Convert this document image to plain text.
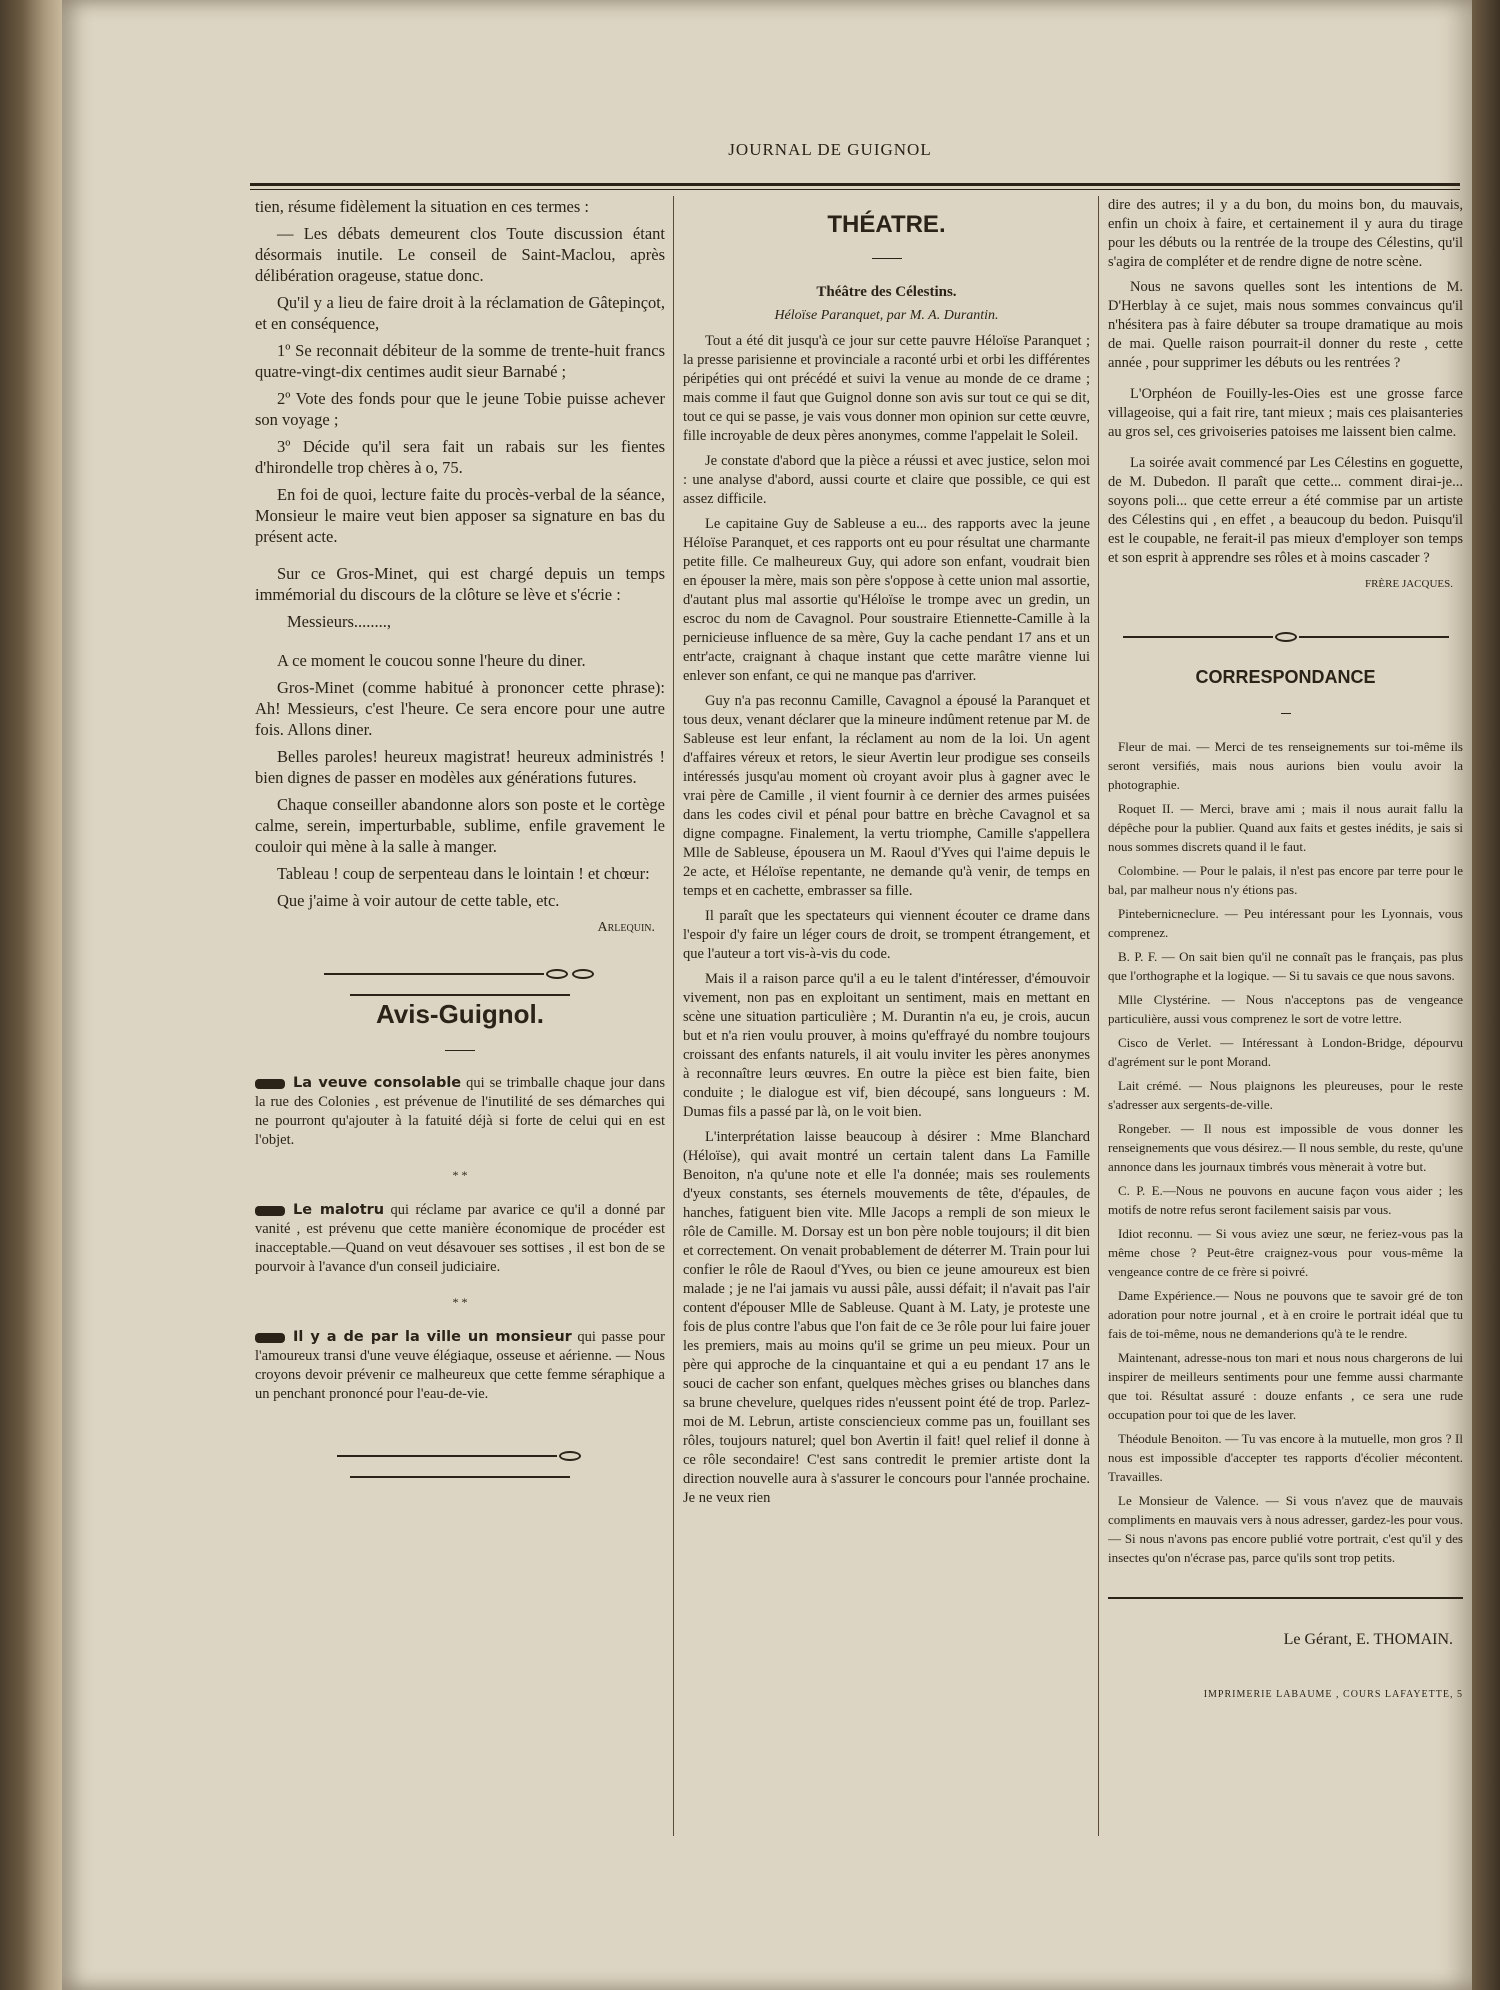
JOURNAL DE GUIGNOL

tien, résume fidèlement la situation en ces termes :

— Les débats demeurent clos Toute discussion étant désormais inutile. Le conseil de Saint-Maclou, après délibération orageuse, statue donc.

Qu'il y a lieu de faire droit à la réclamation de Gâtepinçot, et en conséquence,

1º Se reconnait débiteur de la somme de trente-huit francs quatre-vingt-dix centimes audit sieur Barnabé ;

2º Vote des fonds pour que le jeune Tobie puisse achever son voyage ;

3º Décide qu'il sera fait un rabais sur les fientes d'hirondelle trop chères à o, 75.

En foi de quoi, lecture faite du procès-verbal de la séance, Monsieur le maire veut bien apposer sa signature en bas du présent acte.

Sur ce Gros-Minet, qui est chargé depuis un temps immémorial du discours de la clôture se lève et s'écrie :

Messieurs........,

A ce moment le coucou sonne l'heure du diner.

Gros-Minet (comme habitué à prononcer cette phrase): Ah! Messieurs, c'est l'heure. Ce sera encore pour une autre fois. Allons diner.

Belles paroles! heureux magistrat! heureux administrés ! bien dignes de passer en modèles aux générations futures.

Chaque conseiller abandonne alors son poste et le cortège calme, serein, imperturbable, sublime, enfile gravement le couloir qui mène à la salle à manger.

Tableau ! coup de serpenteau dans le lointain ! et chœur:

Que j'aime à voir autour de cette table, etc.

Arlequin.
Avis-Guignol.

La veuve consolable qui se trimballe chaque jour dans la rue des Colonies , est prévenue de l'inutilité de ses démarches qui ne pourront qu'ajouter à la fatuité déjà si forte de celui qui en est l'objet.

* *

Le malotru qui réclame par avarice ce qu'il a donné par vanité , est prévenu que cette manière économique de procéder est inacceptable.—Quand on veut désavouer ses sottises , il est bon de se pourvoir à l'avance d'un conseil judiciaire.

* *

Il y a de par la ville un monsieur qui passe pour l'amoureux transi d'une veuve élégiaque, osseuse et aérienne. — Nous croyons devoir prévenir ce malheureux que cette femme séraphique a un penchant prononcé pour l'eau-de-vie.

THÉATRE.
Théâtre des Célestins.
Héloïse Paranquet, par M. A. Durantin.

Tout a été dit jusqu'à ce jour sur cette pauvre Héloïse Paranquet ; la presse parisienne et provinciale a raconté urbi et orbi les différentes péripéties qui ont précédé et suivi la venue au monde de ce drame ; mais comme il faut que Guignol donne son avis sur tout ce qui se dit, tout ce qui se passe, je vais vous donner mon opinion sur cette œuvre, fille incroyable de deux pères anonymes, comme l'appelait le Soleil.

Je constate d'abord que la pièce a réussi et avec justice, selon moi : une analyse d'abord, aussi courte et claire que possible, ce qui est assez difficile.

Le capitaine Guy de Sableuse a eu... des rapports avec la jeune Héloïse Paranquet, et ces rapports ont eu pour résultat une charmante petite fille. Ce malheureux Guy, qui adore son enfant, voudrait bien en épouser la mère, mais son père s'oppose à cette union mal assortie, d'autant plus mal assortie qu'Héloïse le trompe avec un gredin, un escroc du nom de Cavagnol. Pour soustraire Etiennette-Camille à la pernicieuse influence de sa mère, Guy la cache pendant 17 ans et un entr'acte, craignant à chaque instant que cette marâtre vienne lui enlever son enfant, ce qui ne manque pas d'arriver.

Guy n'a pas reconnu Camille, Cavagnol a épousé la Paranquet et tous deux, venant déclarer que la mineure indûment retenue par M. de Sableuse est leur enfant, la réclament au nom de la loi. Un agent d'affaires véreux et retors, le sieur Avertin leur prodigue ses conseils intéressés jusqu'au moment où croyant avoir plus à gagner avec le vrai père de Camille , il vient fournir à ce dernier des armes puisées dans les codes civil et pénal pour battre en brèche Cavagnol et sa digne compagne. Finalement, la vertu triomphe, Camille s'appellera Mlle de Sableuse, épousera un M. Raoul d'Yves qui l'aime depuis le 2e acte, et Héloïse repentante, ne demande qu'à venir, de temps en temps et en cachette, embrasser sa fille.

Il paraît que les spectateurs qui viennent écouter ce drame dans l'espoir d'y faire un léger cours de droit, se trompent étrangement, et que l'auteur a tort vis-à-vis du code.

Mais il a raison parce qu'il a eu le talent d'intéresser, d'émouvoir vivement, non pas en exploitant un sentiment, mais en mettant en scène une situation particulière ; M. Durantin n'a eu, je crois, aucun but et n'a rien voulu prouver, à moins qu'effrayé du nombre toujours croissant des enfants naturels, il ait voulu inviter les pères anonymes à reconnaître leurs œuvres. En outre la pièce est bien faite, bien conduite ; le dialogue est vif, bien découpé, sans longueurs : M. Dumas fils a passé par là, on le voit bien.

L'interprétation laisse beaucoup à désirer : Mme Blanchard (Héloïse), qui avait montré un certain talent dans La Famille Benoiton, n'a qu'une note et elle l'a donnée; mais ses roulements d'yeux constants, ses éternels mouvements de tête, d'épaules, de hanches, fatiguent bien vite. Mlle Jacops a rempli de son mieux le rôle de Camille. M. Dorsay est un bon père noble toujours; il dit bien et correctement. On venait probablement de déterrer M. Train pour lui confier le rôle de Raoul d'Yves, ou bien ce jeune amoureux est bien malade ; je ne l'ai jamais vu aussi pâle, aussi défait; il n'avait pas l'air content d'épouser Mlle de Sableuse. Quant à M. Laty, je proteste une fois de plus contre l'abus que l'on fait de ce 3e rôle pour lui faire jouer les premiers, mais au moins qu'il se grime un peu mieux. Pour un père qui approche de la cinquantaine et qui a eu pendant 17 ans le souci de cacher son enfant, quelques mèches grises ou blanches dans sa brune chevelure, quelques rides n'eussent point été de trop. Parlez-moi de M. Lebrun, artiste consciencieux comme pas un, fouillant ses rôles, toujours naturel; quel bon Avertin il fait! quel relief il donne à ce rôle secondaire! C'est sans contredit le premier artiste dont la direction nouvelle aura à s'assurer le concours pour l'année prochaine. Je ne veux rien

dire des autres; il y a du bon, du moins bon, du mauvais, enfin un choix à faire, et certainement il y aura du tirage pour les débuts ou la rentrée de la troupe des Célestins, qu'il s'agira de compléter et de rendre digne de notre scène.

Nous ne savons quelles sont les intentions de M. D'Herblay à ce sujet, mais nous sommes convaincus qu'il n'hésitera pas à faire débuter sa troupe dramatique au mois de mai. Quelle raison pourrait-il donner du reste , cette année , pour supprimer les débuts ou les rentrées ?

L'Orphéon de Fouilly-les-Oies est une grosse farce villageoise, qui a fait rire, tant mieux ; mais ces plaisanteries au gros sel, ces grivoiseries patoises me laissent bien calme.

La soirée avait commencé par Les Célestins en goguette, de M. Dubedon. Il paraît que cette... comment dirai-je... soyons poli... que cette erreur a été commise par un artiste des Célestins qui , en effet , a beaucoup du bedon. Puisqu'il est le coupable, ne ferait-il pas mieux d'employer son temps et son esprit à apprendre ses rôles et à moins cascader ?

FRÈRE JACQUES.
CORRESPONDANCE

Fleur de mai. — Merci de tes renseignements sur toi-même ils seront versifiés, mais nous aurions bien voulu avoir la photographie.

Roquet II. — Merci, brave ami ; mais il nous aurait fallu la dépêche pour la publier. Quand aux faits et gestes inédits, je sais si nous sommes discrets quand il le faut.

Colombine. — Pour le palais, il n'est pas encore par terre pour le bal, par malheur nous n'y étions pas.

Pintebernicneclure. — Peu intéressant pour les Lyonnais, vous comprenez.

B. P. F. — On sait bien qu'il ne connaît pas le français, pas plus que l'orthographe et la logique. — Si tu savais ce que nous savons.

Mlle Clystérine. — Nous n'acceptons pas de vengeance particulière, aussi vous comprenez le sort de votre lettre.

Cisco de Verlet. — Intéressant à London-Bridge, dépourvu d'agrément sur le pont Morand.

Lait crémé. — Nous plaignons les pleureuses, pour le reste s'adresser aux sergents-de-ville.

Rongeber. — Il nous est impossible de vous donner les renseignements que vous désirez.— Il nous semble, du reste, qu'une annonce dans les journaux timbrés vous mènerait à votre but.

C. P. E.—Nous ne pouvons en aucune façon vous aider ; les motifs de notre refus seront facilement saisis par vous.

Idiot reconnu. — Si vous aviez une sœur, ne feriez-vous pas la même chose ? Peut-être craignez-vous pour vous-même la vengeance contre de ce frère si poivré.

Dame Expérience.— Nous ne pouvons que te savoir gré de ton adoration pour notre journal , et à en croire le portrait idéal que tu fais de toi-même, nous ne demanderions qu'à te le rendre.

Maintenant, adresse-nous ton mari et nous nous chargerons de lui inspirer de meilleurs sentiments pour une femme aussi charmante que toi. Résultat assuré : douze enfants , ce sera une rude occupation pour toi que de les laver.

Théodule Benoiton. — Tu vas encore à la mutuelle, mon gros ? Il nous est impossible d'accepter tes rapports d'écolier mécontent. Travailles.

Le Monsieur de Valence. — Si vous n'avez que de mauvais compliments en mauvais vers à nous adresser, gardez-les pour vous. — Si nous n'avons pas encore publié votre portrait, c'est qu'il y des insectes qu'on n'écrase pas, parce qu'ils sont trop petits.

Le Gérant, E. THOMAIN.
IMPRIMERIE LABAUME , COURS LAFAYETTE, 5
